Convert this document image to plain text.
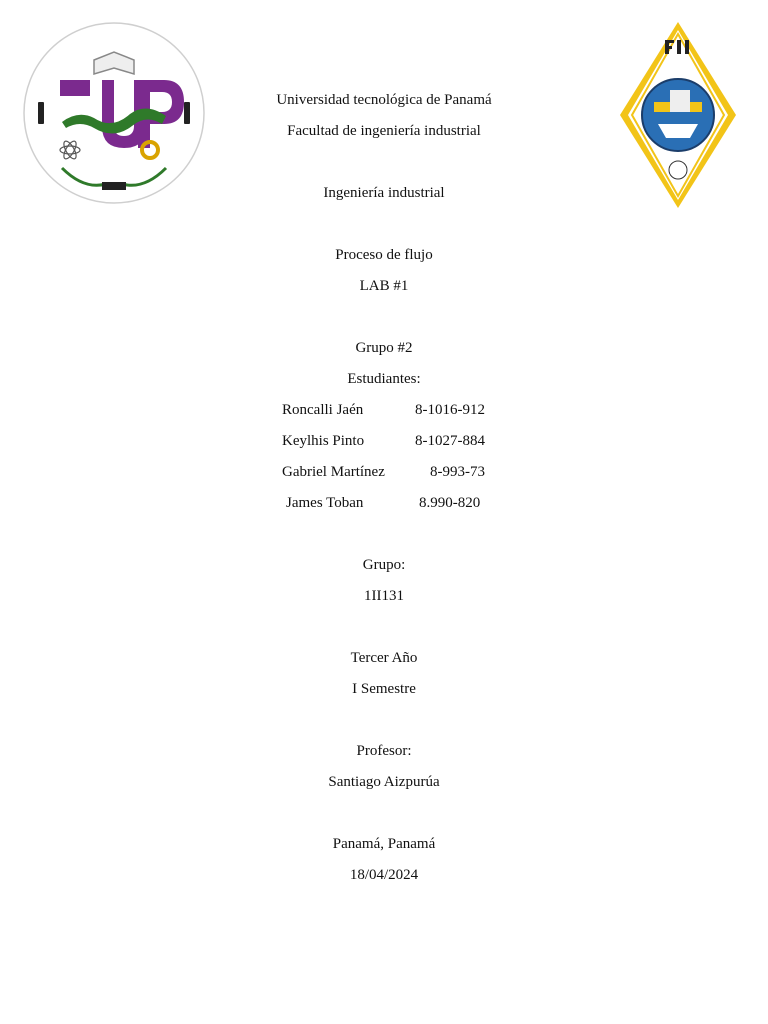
Universidad tecnológica de Panamá
Facultad de ingeniería industrial
Ingeniería industrial
Proceso de flujo
LAB #1
Grupo #2
Estudiantes:
Roncalli Jaén	8-1016-912
Keylhis Pinto	8-1027-884
Gabriel Martínez	8-993-73
James Toban	8.990-820
Grupo:
1II131
Tercer Año
I Semestre
Profesor:
Santiago Aizpurúa
Panamá, Panamá
18/04/2024
